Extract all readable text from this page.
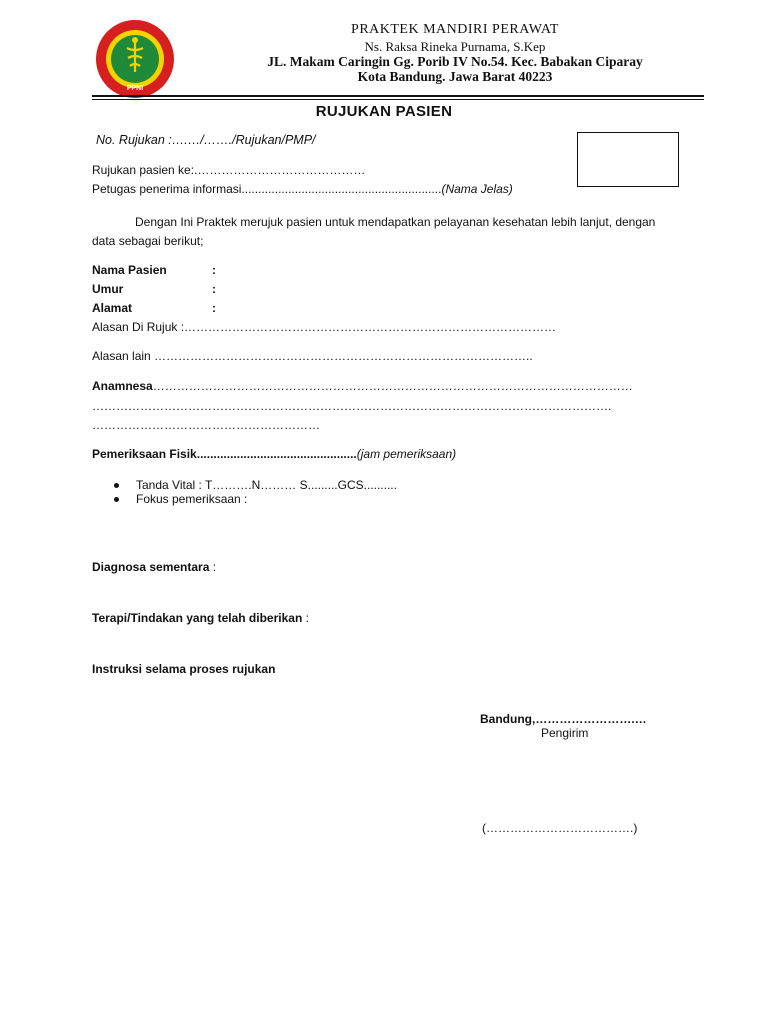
PPNI
PRAKTEK MANDIRI PERAWAT
Ns. Raksa Rineka Purnama, S.Kep
JL. Makam Caringin Gg. Porib IV No.54. Kec. Babakan Ciparay
Kota Bandung. Jawa Barat 40223
RUJUKAN PASIEN
No. Rujukan :….…/……./Rujukan/PMP/
Rujukan pasien ke:.……………………………………
Petugas penerima informasi............................................................(Nama Jelas)
Dengan Ini Praktek merujuk pasien untuk mendapatkan pelayanan kesehatan lebih lanjut, dengan
data sebagai berikut;
Nama Pasien	:
Umur	:
Alamat	:
Alasan Di Rujuk :…………………………………………………………………………………
Alasan lain …………………………………………………………………………………..
Anamnesa…………………………………………………………………………………………………………
………………………………………………………………………………………………………………….
…………………………………………………
Pemeriksaan Fisik................................................(jam pemeriksaan)
Tanda Vital : T……….N……… S.........GCS..........
Fokus pemeriksaan :
Diagnosa sementara :
Terapi/Tindakan yang telah diberikan :
Instruksi selama proses rujukan
Bandung,…………………….…
Pengirim
(……………………………….)
